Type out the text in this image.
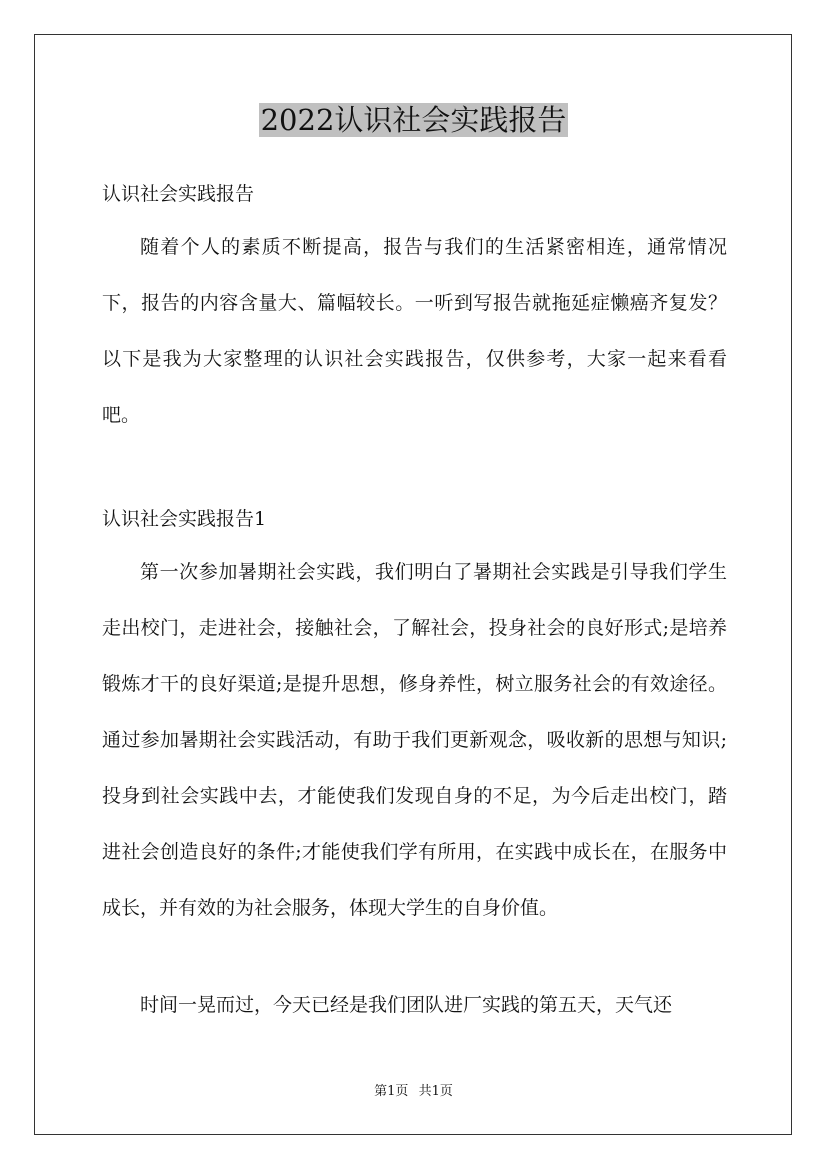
2022认识社会实践报告

认识社会实践报告

随着个人的素质不断提高，报告与我们的生活紧密相连，通常情况下，报告的内容含量大、篇幅较长。一听到写报告就拖延症懒癌齐复发？以下是我为大家整理的认识社会实践报告，仅供参考，大家一起来看看吧。

认识社会实践报告1

第一次参加暑期社会实践，我们明白了暑期社会实践是引导我们学生走出校门，走进社会，接触社会，了解社会，投身社会的良好形式;是培养锻炼才干的良好渠道;是提升思想，修身养性，树立服务社会的有效途径。通过参加暑期社会实践活动，有助于我们更新观念，吸收新的思想与知识;投身到社会实践中去，才能使我们发现自身的不足，为今后走出校门，踏进社会创造良好的条件;才能使我们学有所用，在实践中成长在，在服务中成长，并有效的为社会服务，体现大学生的自身价值。

时间一晃而过，今天已经是我们团队进厂实践的第五天，天气还

第1页 共1页
